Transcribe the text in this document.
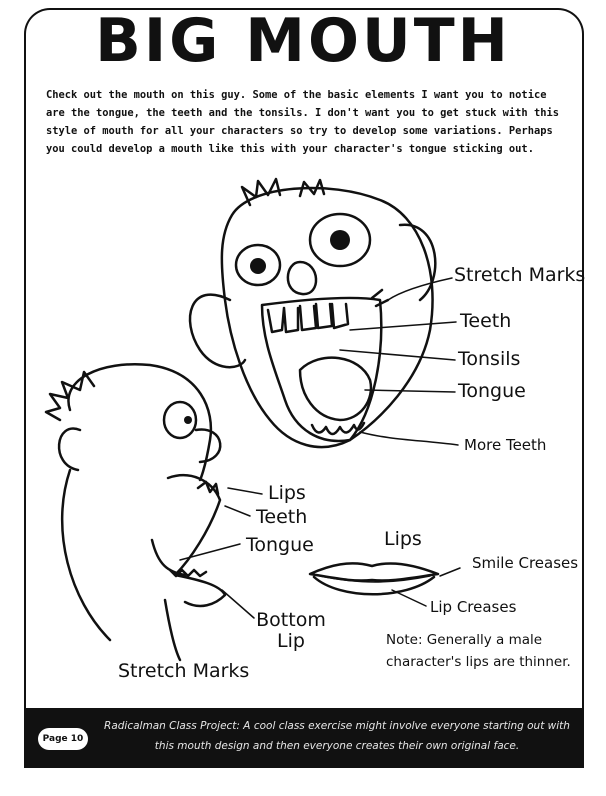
BIG MOUTH
Check out the mouth on this guy. Some of the basic elements I want you to notice are the tongue, the teeth and the tonsils. I don't want you to get stuck with this style of mouth for all your characters so try to develop some variations. Perhaps you could develop a mouth like this with your character's tongue sticking out.
Stretch Marks
Teeth
Tonsils
Tongue
More Teeth
Lips
Teeth
Tongue
Bottom Lip
Stretch Marks
Lips
Smile Creases
Lip Creases
Note: Generally a male
character's lips are thinner.
Page 10
Radicalman Class Project: A cool class exercise might involve everyone starting out with this mouth design and then everyone creates their own original face.
